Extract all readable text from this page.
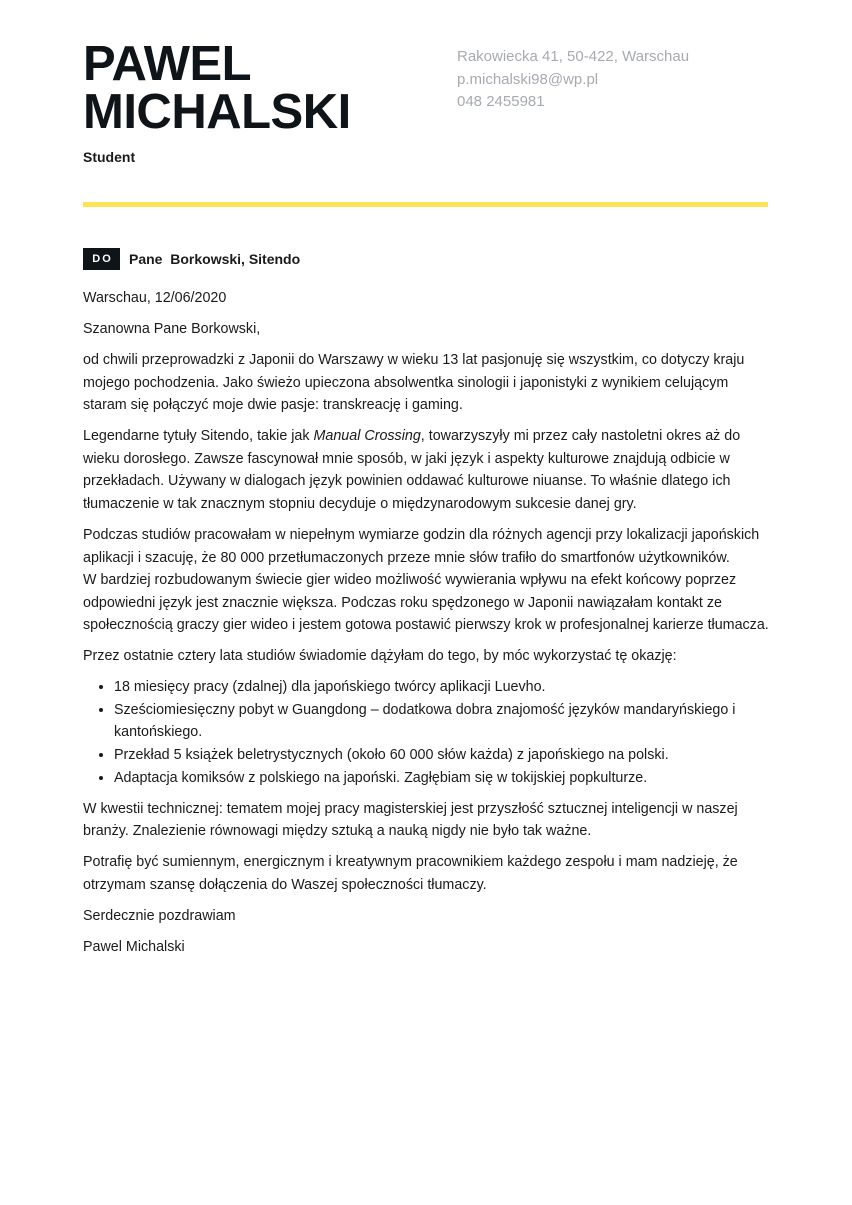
PAWEL
MICHALSKI
Student
Rakowiecka 41, 50-422, Warschau
p.michalski98@wp.pl
048 2455981
DO	Pane  Borkowski, Sitendo

Warschau, 12/06/2020

Szanowna Pane Borkowski,

od chwili przeprowadzki z Japonii do Warszawy w wieku 13 lat pasjonuję się wszystkim, co dotyczy kraju mojego pochodzenia. Jako świeżo upieczona absolwentka sinologii i japonistyki z wynikiem celującym staram się połączyć moje dwie pasje: transkreację i gaming.

Legendarne tytuły Sitendo, takie jak Manual Crossing, towarzyszyły mi przez cały nastoletni okres aż do wieku dorosłego. Zawsze fascynował mnie sposób, w jaki język i aspekty kulturowe znajdują odbicie w przekładach. Używany w dialogach język powinien oddawać kulturowe niuanse. To właśnie dlatego ich tłumaczenie w tak znacznym stopniu decyduje o międzynarodowym sukcesie danej gry.

Podczas studiów pracowałam w niepełnym wymiarze godzin dla różnych agencji przy lokalizacji japońskich aplikacji i szacuję, że 80 000 przetłumaczonych przeze mnie słów trafiło do smartfonów użytkowników.
W bardziej rozbudowanym świecie gier wideo możliwość wywierania wpływu na efekt końcowy poprzez odpowiedni język jest znacznie większa. Podczas roku spędzonego w Japonii nawiązałam kontakt ze społecznością graczy gier wideo i jestem gotowa postawić pierwszy krok w profesjonalnej karierze tłumacza.

Przez ostatnie cztery lata studiów świadomie dążyłam do tego, by móc wykorzystać tę okazję:

• 18 miesięcy pracy (zdalnej) dla japońskiego twórcy aplikacji Luevho.
• Sześciomiesięczny pobyt w Guangdong – dodatkowa dobra znajomość języków mandaryńskiego i kantońskiego.
• Przekład 5 książek beletrystycznych (około 60 000 słów każda) z japońskiego na polski.
• Adaptacja komiksów z polskiego na japoński. Zagłębiam się w tokijskiej popkulturze.

W kwestii technicznej: tematem mojej pracy magisterskiej jest przyszłość sztucznej inteligencji w naszej branży. Znalezienie równowagi między sztuką a nauką nigdy nie było tak ważne.

Potrafię być sumiennym, energicznym i kreatywnym pracownikiem każdego zespołu i mam nadzieję, że otrzymam szansę dołączenia do Waszej społeczności tłumaczy.

Serdecznie pozdrawiam

Pawel Michalski
